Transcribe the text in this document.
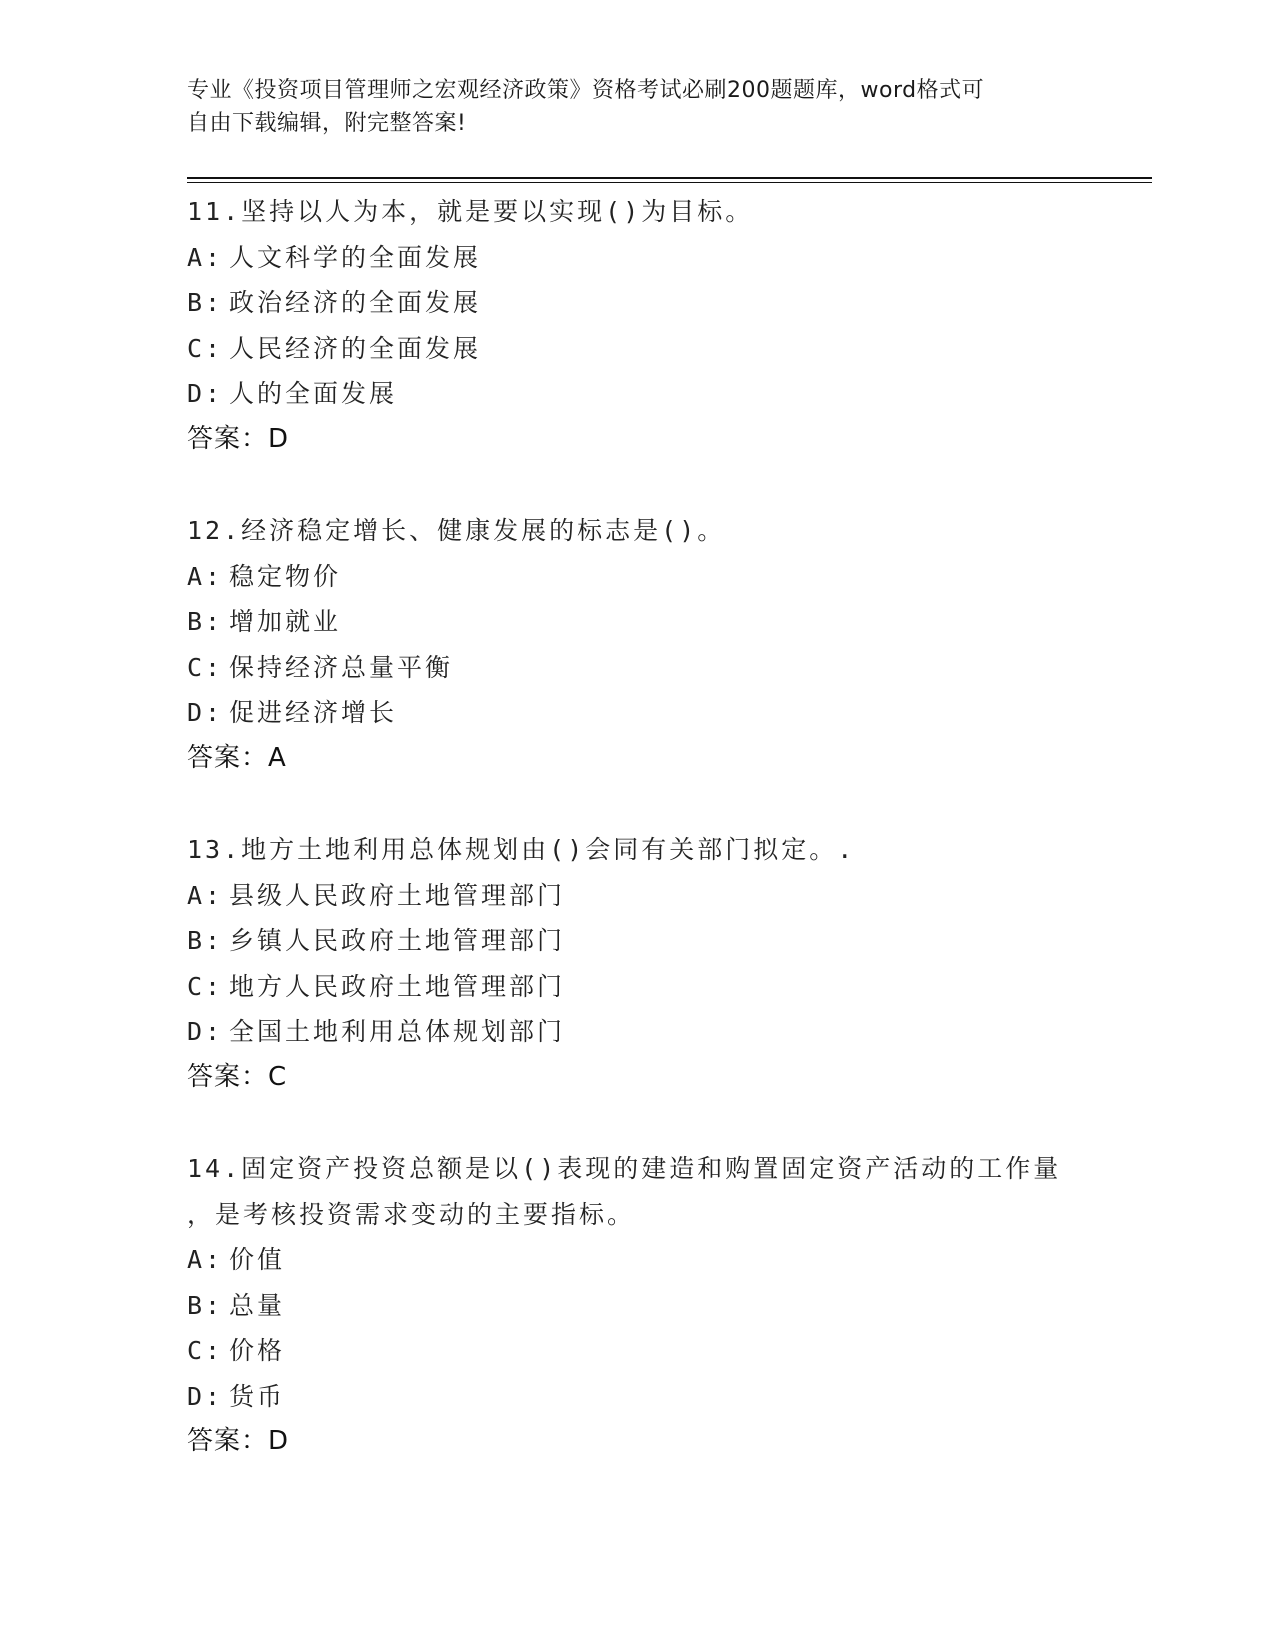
专业《投资项目管理师之宏观经济政策》资格考试必刷200题题库，word格式可

自由下载编辑，附完整答案!

11.坚持以人为本，就是要以实现()为目标。
A: 人文科学的全面发展
B: 政治经济的全面发展
C: 人民经济的全面发展
D: 人的全面发展
答案：D
12.经济稳定增长、健康发展的标志是()。
A: 稳定物价
B: 增加就业
C: 保持经济总量平衡
D: 促进经济增长
答案：A
13.地方土地利用总体规划由()会同有关部门拟定。.
A: 县级人民政府土地管理部门
B: 乡镇人民政府土地管理部门
C: 地方人民政府土地管理部门
D: 全国土地利用总体规划部门
答案：C
14.固定资产投资总额是以()表现的建造和购置固定资产活动的工作量
，是考核投资需求变动的主要指标。
A: 价值
B: 总量
C: 价格
D: 货币
答案：D
